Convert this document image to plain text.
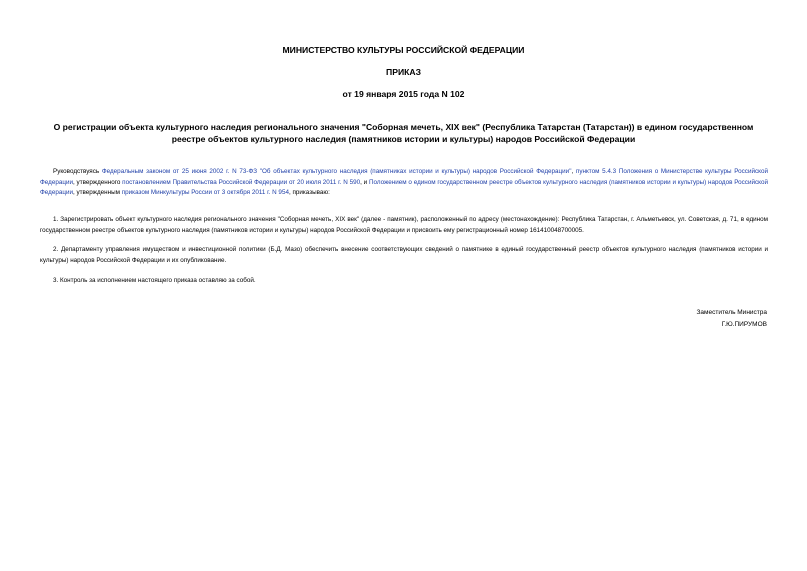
МИНИСТЕРСТВО КУЛЬТУРЫ РОССИЙСКОЙ ФЕДЕРАЦИИ
ПРИКАЗ
от 19 января 2015 года N 102
О регистрации объекта культурного наследия регионального значения "Соборная мечеть, XIX век" (Республика Татарстан (Татарстан)) в едином государственном реестре объектов культурного наследия (памятников истории и культуры) народов Российской Федерации
Руководствуясь Федеральным законом от 25 июня 2002 г. N 73-ФЗ "Об объектах культурного наследия (памятниках истории и культуры) народов Российской Федерации", пунктом 5.4.3 Положения о Министерстве культуры Российской Федерации, утвержденного постановлением Правительства Российской Федерации от 20 июля 2011 г. N 590, и Положением о едином государственном реестре объектов культурного наследия (памятников истории и культуры) народов Российской Федерации, утвержденным приказом Минкультуры России от 3 октября 2011 г. N 954, приказываю:
1. Зарегистрировать объект культурного наследия регионального значения "Соборная мечеть, XIX век" (далее - памятник), расположенный по адресу (местонахождение): Республика Татарстан, г. Альметьевск, ул. Советская, д. 71, в едином государственном реестре объектов культурного наследия (памятников истории и культуры) народов Российской Федерации и присвоить ему регистрационный номер 161410048700005.
2. Департаменту управления имуществом и инвестиционной политики (Б.Д. Мазо) обеспечить внесение соответствующих сведений о памятнике в единый государственный реестр объектов культурного наследия (памятников истории и культуры) народов Российской Федерации и их опубликование.
3. Контроль за исполнением настоящего приказа оставляю за собой.
Заместитель Министра
Г.Ю.ПИРУМОВ
